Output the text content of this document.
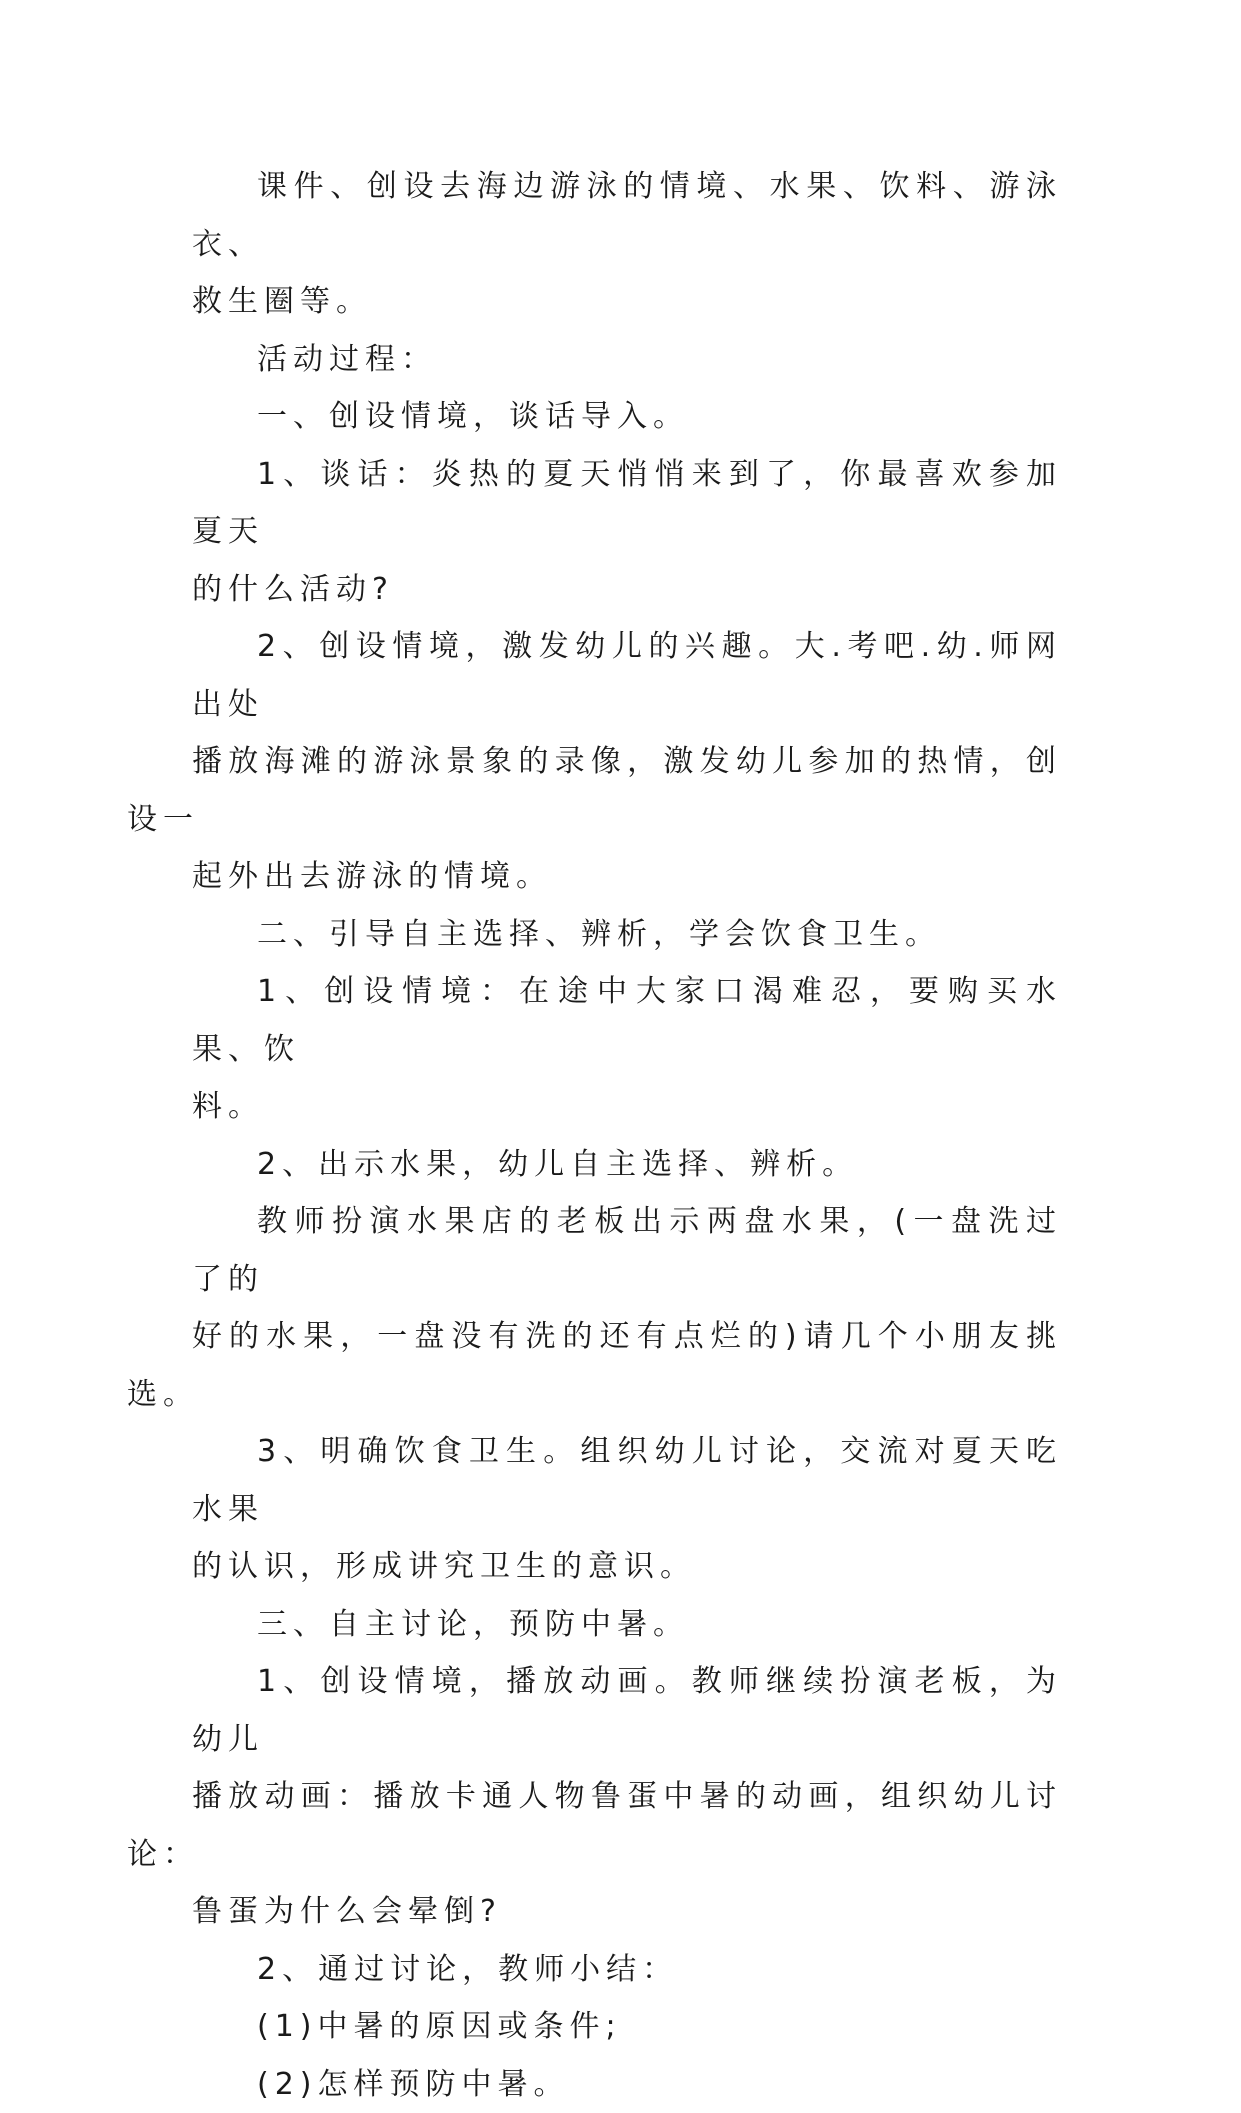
课件、创设去海边游泳的情境、水果、饮料、游泳衣、
救生圈等。

活动过程：

一、创设情境，谈话导入。

1、谈话：炎热的夏天悄悄来到了，你最喜欢参加夏天
的什么活动?

2、创设情境，激发幼儿的兴趣。大.考吧.幼.师网出处
播放海滩的游泳景象的录像，激发幼儿参加的热情，创设一
起外出去游泳的情境。

二、引导自主选择、辨析，学会饮食卫生。

1、创设情境：在途中大家口渴难忍，要购买水果、饮
料。

2、出示水果，幼儿自主选择、辨析。

教师扮演水果店的老板出示两盘水果，(一盘洗过了的
好的水果，一盘没有洗的还有点烂的)请几个小朋友挑选。

3、明确饮食卫生。组织幼儿讨论，交流对夏天吃水果
的认识，形成讲究卫生的意识。

三、自主讨论，预防中暑。

1、创设情境，播放动画。教师继续扮演老板，为幼儿
播放动画：播放卡通人物鲁蛋中暑的动画，组织幼儿讨论：
鲁蛋为什么会晕倒?

2、通过讨论，教师小结：

(1)中暑的原因或条件;

(2)怎样预防中暑。
